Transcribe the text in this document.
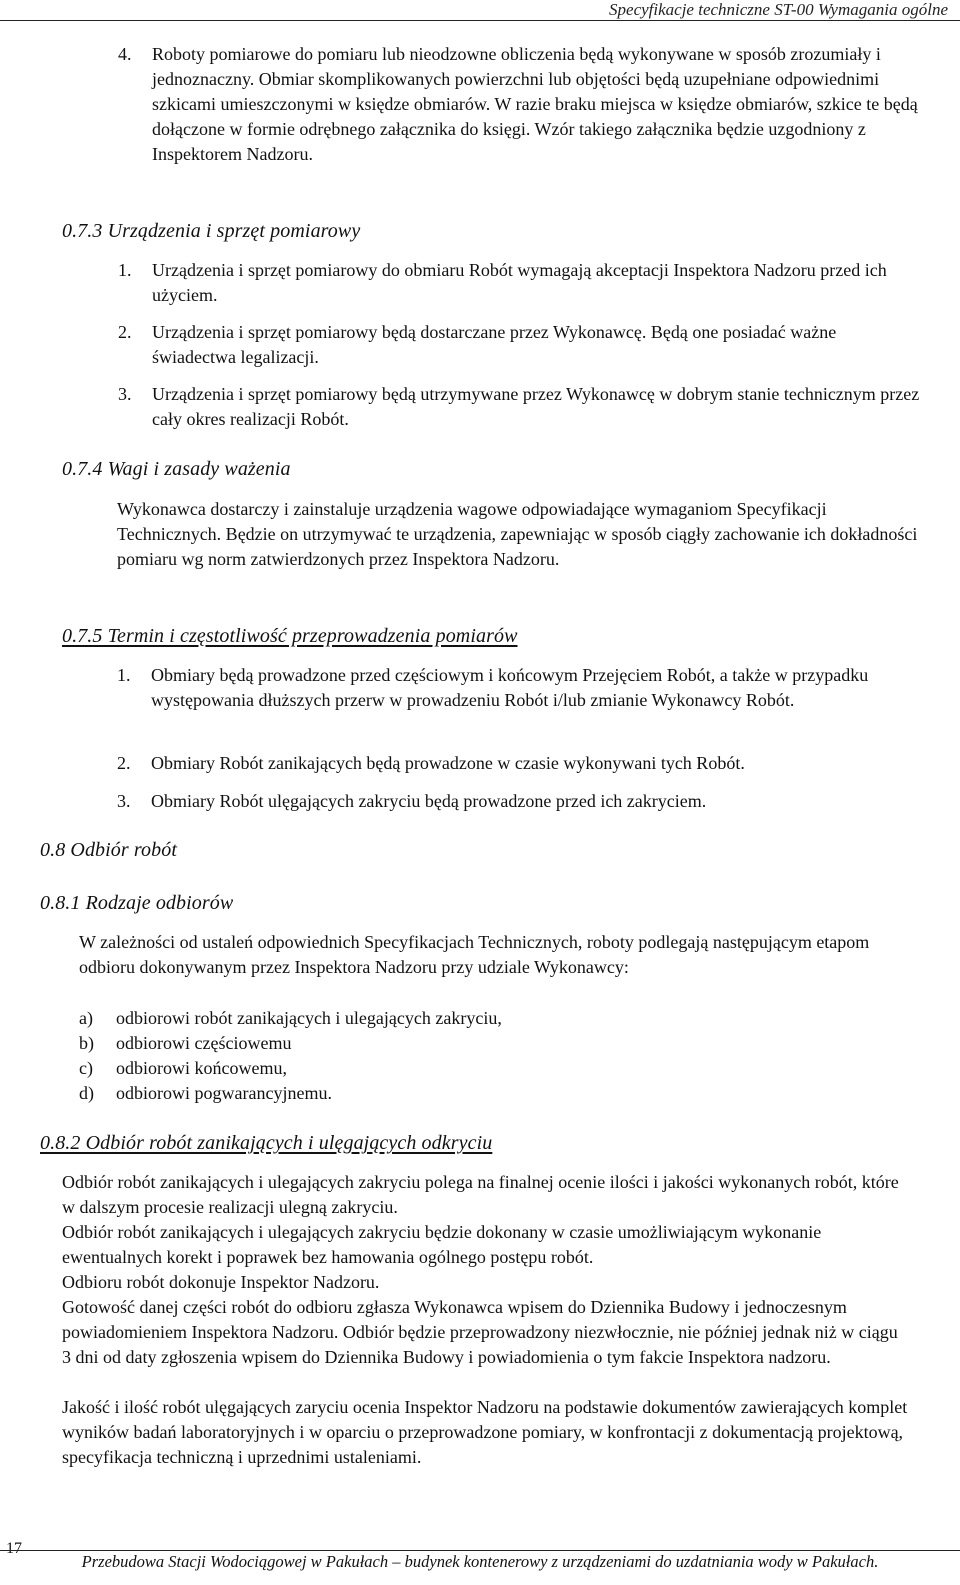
Specyfikacje techniczne ST-00 Wymagania ogólne
4. Roboty pomiarowe do pomiaru lub nieodzowne obliczenia będą wykonywane w sposób zrozumiały i jednoznaczny. Obmiar skomplikowanych powierzchni lub objętości będą uzupełniane odpowiednimi szkicami umieszczonymi w księdze obmiarów. W razie braku miejsca w księdze obmiarów, szkice te będą dołączone w formie odrębnego załącznika do księgi. Wzór takiego załącznika będzie uzgodniony z Inspektorem Nadzoru.
0.7.3 Urządzenia i sprzęt pomiarowy
1. Urządzenia i sprzęt pomiarowy do obmiaru Robót wymagają akceptacji Inspektora Nadzoru przed ich użyciem.
2. Urządzenia i sprzęt pomiarowy będą dostarczane przez Wykonawcę. Będą one posiadać ważne świadectwa legalizacji.
3. Urządzenia i sprzęt pomiarowy będą utrzymywane przez Wykonawcę w dobrym stanie technicznym przez cały okres realizacji Robót.
0.7.4 Wagi i zasady ważenia
Wykonawca dostarczy i zainstaluje urządzenia wagowe odpowiadające wymaganiom Specyfikacji Technicznych. Będzie on utrzymywać te urządzenia, zapewniając w sposób ciągły zachowanie ich dokładności pomiaru wg norm zatwierdzonych przez Inspektora Nadzoru.
0.7.5 Termin i częstotliwość przeprowadzenia pomiarów
1. Obmiary będą prowadzone przed częściowym i końcowym Przejęciem Robót, a także w przypadku występowania dłuższych przerw w prowadzeniu Robót i/lub zmianie Wykonawcy Robót.
2. Obmiary Robót zanikających będą prowadzone w czasie wykonywani tych Robót.
3. Obmiary Robót ulęgających zakryciu będą prowadzone przed ich zakryciem.
0.8 Odbiór robót
0.8.1 Rodzaje odbiorów
W zależności od ustaleń odpowiednich Specyfikacjach Technicznych, roboty podlegają następującym etapom odbioru dokonywanym przez Inspektora Nadzoru przy udziale Wykonawcy:
a) odbiorowi robót zanikających i ulegających zakryciu,
b) odbiorowi częściowemu
c) odbiorowi końcowemu,
d) odbiorowi pogwarancyjnemu.
0.8.2 Odbiór robót zanikających i ulęgających odkryciu
Odbiór robót zanikających i ulegających zakryciu polega na finalnej ocenie ilości i jakości wykonanych robót, które w dalszym procesie realizacji ulegną zakryciu.
Odbiór robót zanikających i ulegających zakryciu będzie dokonany w czasie umożliwiającym wykonanie ewentualnych korekt i poprawek bez hamowania ogólnego postępu robót.
Odbioru robót dokonuje Inspektor Nadzoru.
Gotowość danej części robót do odbioru zgłasza Wykonawca wpisem do Dziennika Budowy i jednoczesnym powiadomieniem Inspektora Nadzoru. Odbiór będzie przeprowadzony niezwłocznie, nie później jednak niż w ciągu 3 dni od daty zgłoszenia wpisem do Dziennika Budowy i powiadomienia o tym fakcie Inspektora nadzoru.
Jakość i ilość robót ulęgających zaryciu ocenia Inspektor Nadzoru na podstawie dokumentów zawierających komplet wyników badań laboratoryjnych i w oparciu o przeprowadzone pomiary, w konfrontacji z dokumentacją projektową, specyfikacja techniczną i uprzednimi ustaleniami.
17
Przebudowa Stacji Wodociągowej w Pakułach – budynek kontenerowy z urządzeniami do uzdatniania wody w Pakułach.
